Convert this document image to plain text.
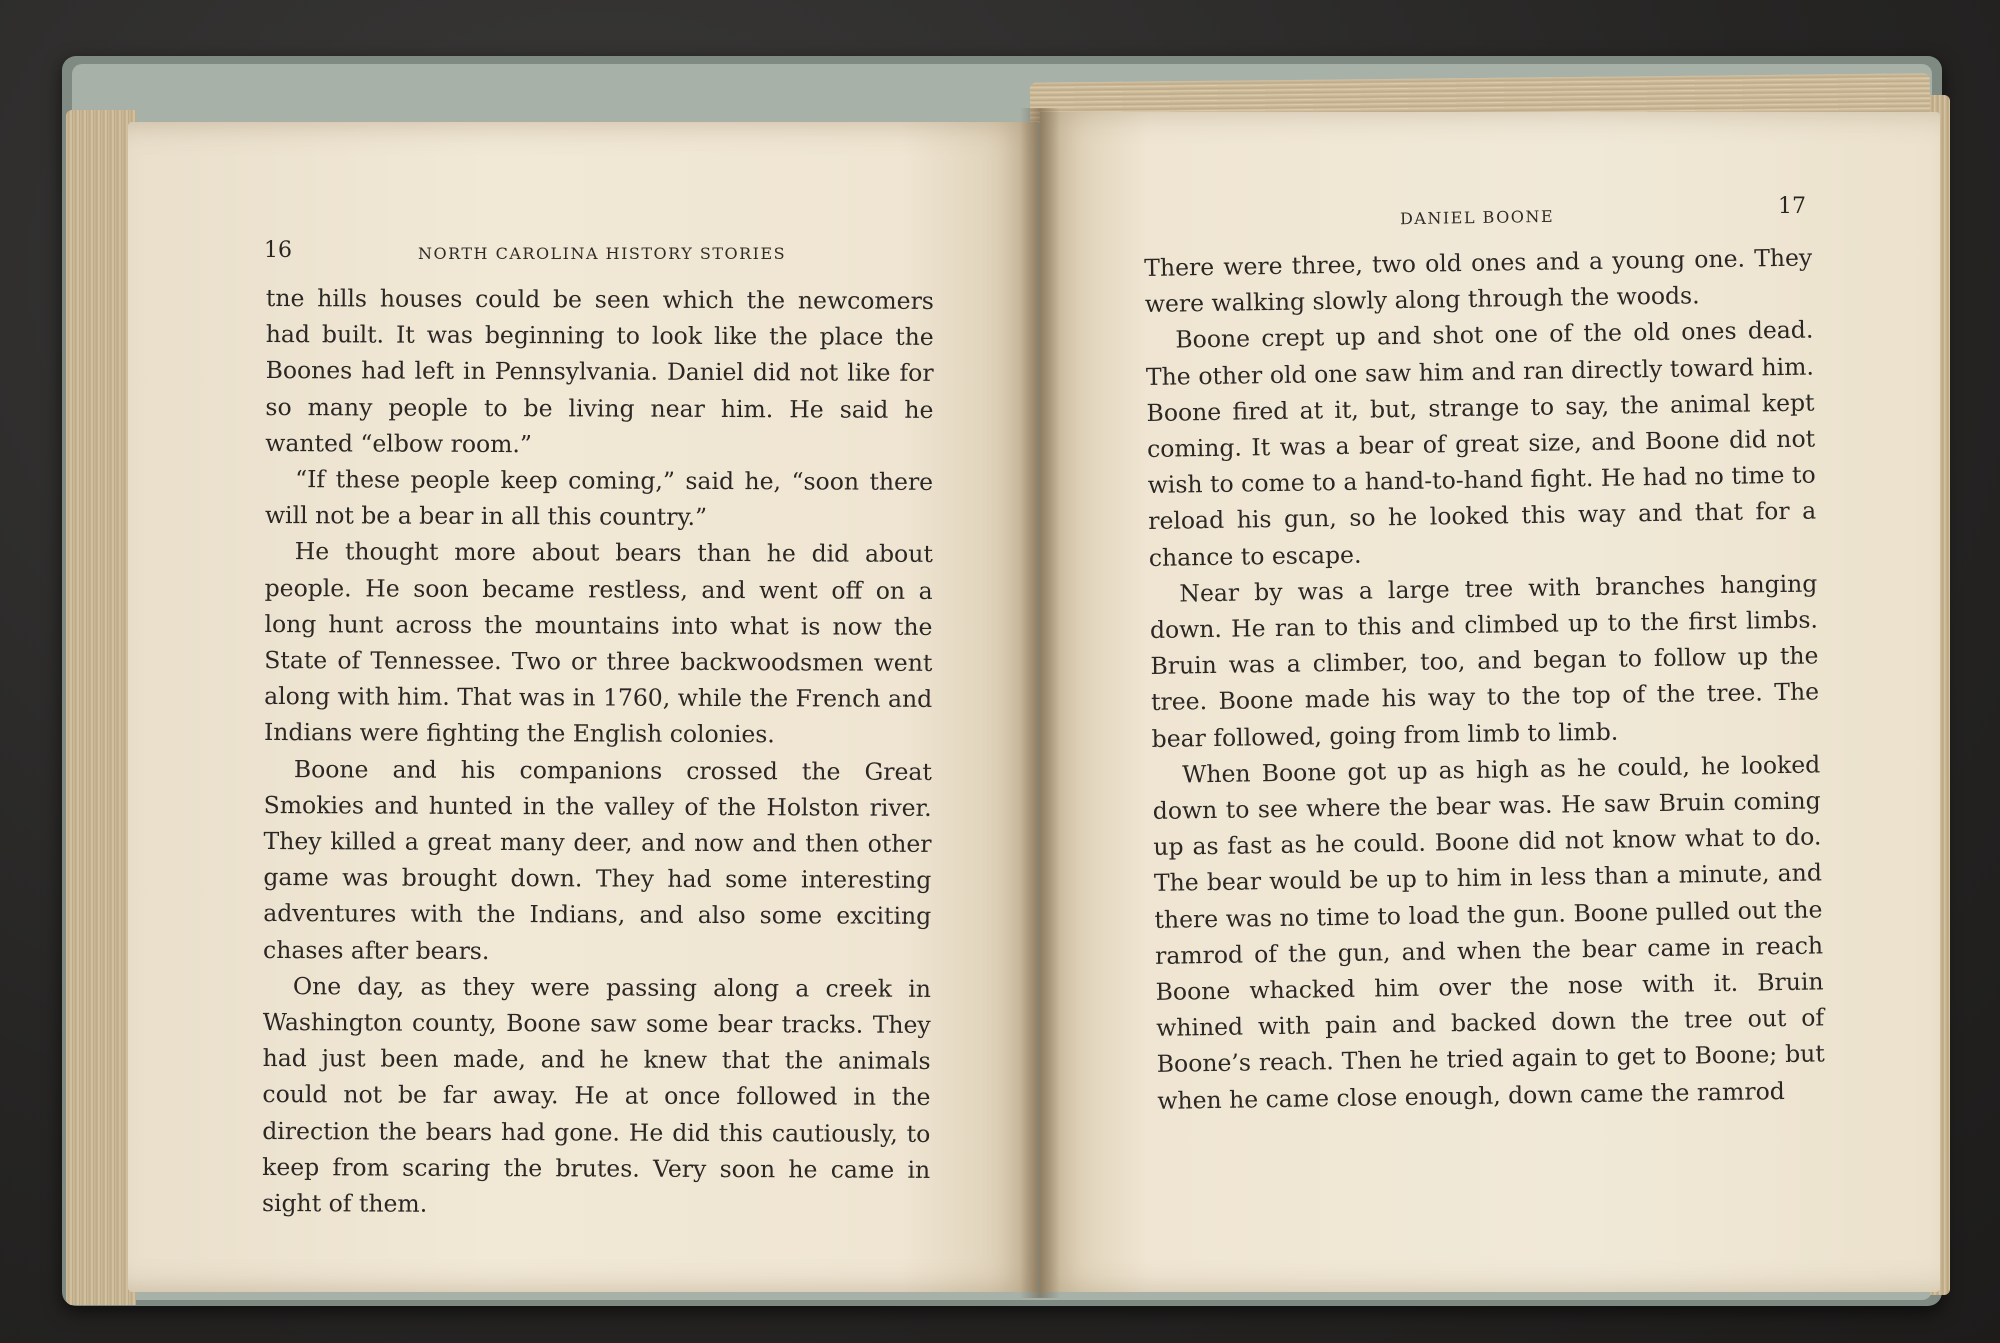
16	NORTH CAROLINA HISTORY STORIES

tne hills houses could be seen which the newcomers had built. It was beginning to look like the place the Boones had left in Pennsylvania. Daniel did not like for so many people to be living near him. He said he wanted “elbow room.”

“If these people keep coming,” said he, “soon there will not be a bear in all this country.”

He thought more about bears than he did about people. He soon became restless, and went off on a long hunt across the mountains into what is now the State of Tennessee. Two or three backwoodsmen went along with him. That was in 1760, while the French and Indians were fighting the English colonies.

Boone and his companions crossed the Great Smokies and hunted in the valley of the Holston river. They killed a great many deer, and now and then other game was brought down. They had some interesting adventures with the Indians, and also some exciting chases after bears.

One day, as they were passing along a creek in Washington county, Boone saw some bear tracks. They had just been made, and he knew that the animals could not be far away. He at once followed in the direction the bears had gone. He did this cautiously, to keep from scaring the brutes. Very soon he came in sight of them.

DANIEL BOONE	17

There were three, two old ones and a young one. They were walking slowly along through the woods.

Boone crept up and shot one of the old ones dead. The other old one saw him and ran directly toward him. Boone fired at it, but, strange to say, the animal kept coming. It was a bear of great size, and Boone did not wish to come to a hand-to-hand fight. He had no time to reload his gun, so he looked this way and that for a chance to escape.

Near by was a large tree with branches hanging down. He ran to this and climbed up to the first limbs. Bruin was a climber, too, and began to follow up the tree. Boone made his way to the top of the tree. The bear followed, going from limb to limb.

When Boone got up as high as he could, he looked down to see where the bear was. He saw Bruin coming up as fast as he could. Boone did not know what to do. The bear would be up to him in less than a minute, and there was no time to load the gun. Boone pulled out the ramrod of the gun, and when the bear came in reach Boone whacked him over the nose with it. Bruin whined with pain and backed down the tree out of Boone’s reach. Then he tried again to get to Boone; but when he came close enough, down came the ramrod
